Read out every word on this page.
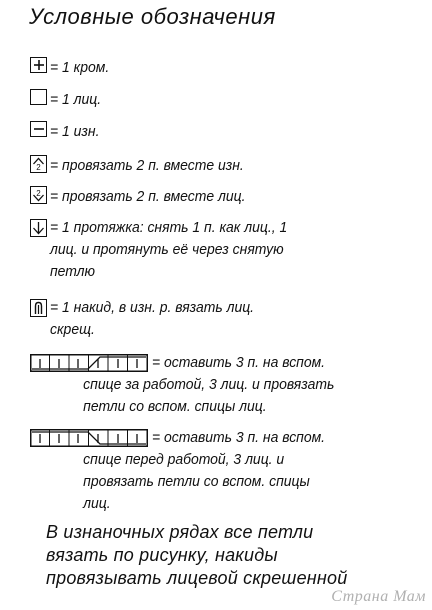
Условные обозначения
= 1 кром.
= 1 лиц.
= 1 изн.
2 = провязать 2 п. вместе изн.
2 = провязать 2 п. вместе лиц.
= 1 протяжка: снять 1 п. как лиц., 1
лиц. и протянуть её через снятую
петлю
= 1 накид, в изн. р. вязать лиц.
скрещ.
= оставить 3 п. на вспом.
спице за работой, 3 лиц. и провязать
петли со вспом. спицы лиц.
= оставить 3 п. на вспом.
спице перед работой, 3 лиц. и
провязать петли со вспом. спицы
лиц.
В изнаночных рядах все петли
вязать по рисунку, накиды
провязывать лицевой скрешенной
Страна Мам
